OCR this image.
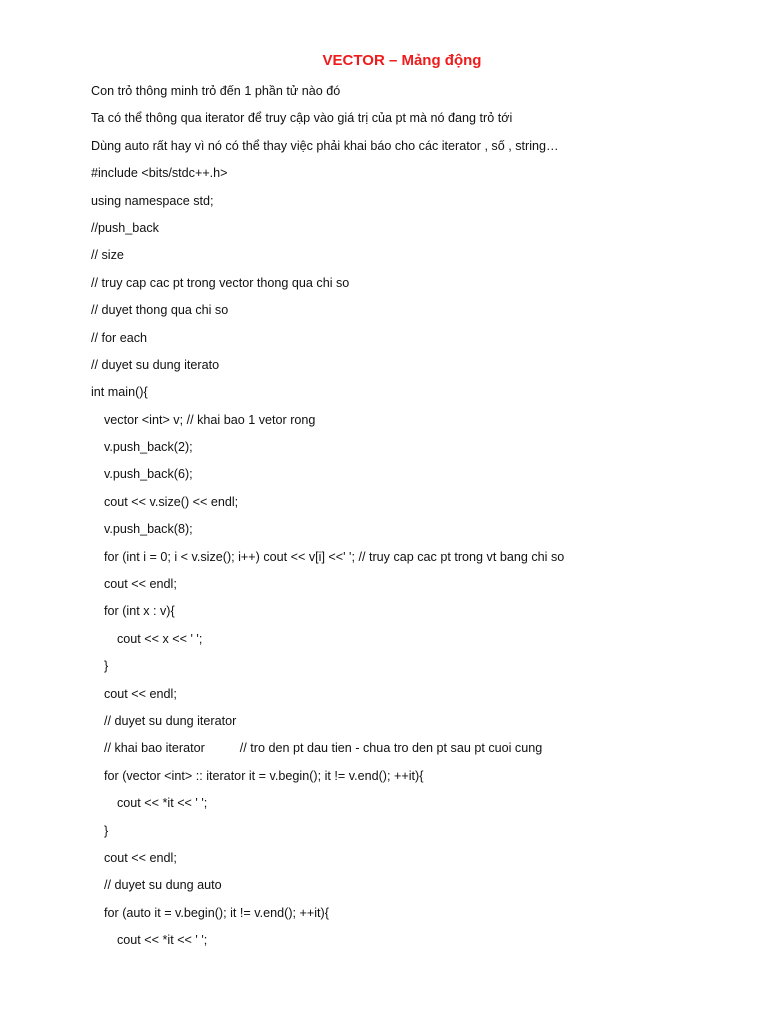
VECTOR – Mảng động
Con trỏ thông minh trỏ đến 1 phần tử nào đó
Ta có thể thông qua iterator để truy cập vào giá trị của pt mà nó đang trỏ tới
Dùng auto rất hay vì nó có thể thay việc phải khai báo cho các iterator , số , string…
#include <bits/stdc++.h>
using namespace std;
//push_back
// size
// truy cap cac pt trong vector thong qua chi so
// duyet thong qua chi so
// for each
// duyet su dung iterato
int main(){
vector <int> v; // khai bao 1 vetor rong
v.push_back(2);
v.push_back(6);
cout << v.size() << endl;
v.push_back(8);
for (int i = 0; i < v.size(); i++) cout << v[i] <<' '; // truy cap cac pt trong vt bang chi so
cout << endl;
for (int x : v){
cout << x << ' ';
}
cout << endl;
// duyet su dung iterator
// khai bao iterator          // tro den pt dau tien - chua tro den pt sau pt cuoi cung
for (vector <int> :: iterator it = v.begin(); it != v.end(); ++it){
cout << *it << ' ';
}
cout << endl;
// duyet su dung auto
for (auto it = v.begin(); it != v.end(); ++it){
cout << *it << ' ';
